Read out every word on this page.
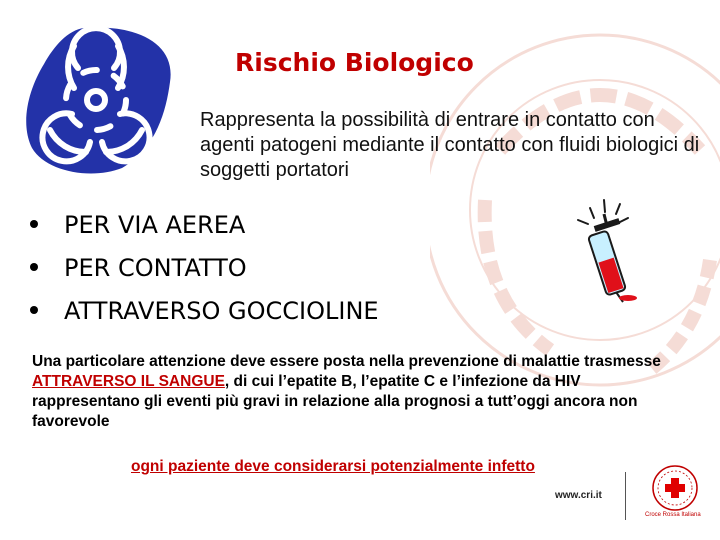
Rischio Biologico
Rappresenta la possibilità di entrare in contatto con agenti patogeni mediante il contatto con fluidi biologici di soggetti portatori
PER VIA AEREA
PER CONTATTO
ATTRAVERSO GOCCIOLINE
Una particolare attenzione deve essere posta nella prevenzione di malattie trasmesse ATTRAVERSO IL SANGUE, di cui l’epatite B, l’epatite C e l’infezione da HIV rappresentano gli eventi più gravi in relazione alla prognosi a tutt’oggi ancora non favorevole
ogni paziente deve considerarsi potenzialmente infetto
www.cri.it
Croce Rossa Italiana
